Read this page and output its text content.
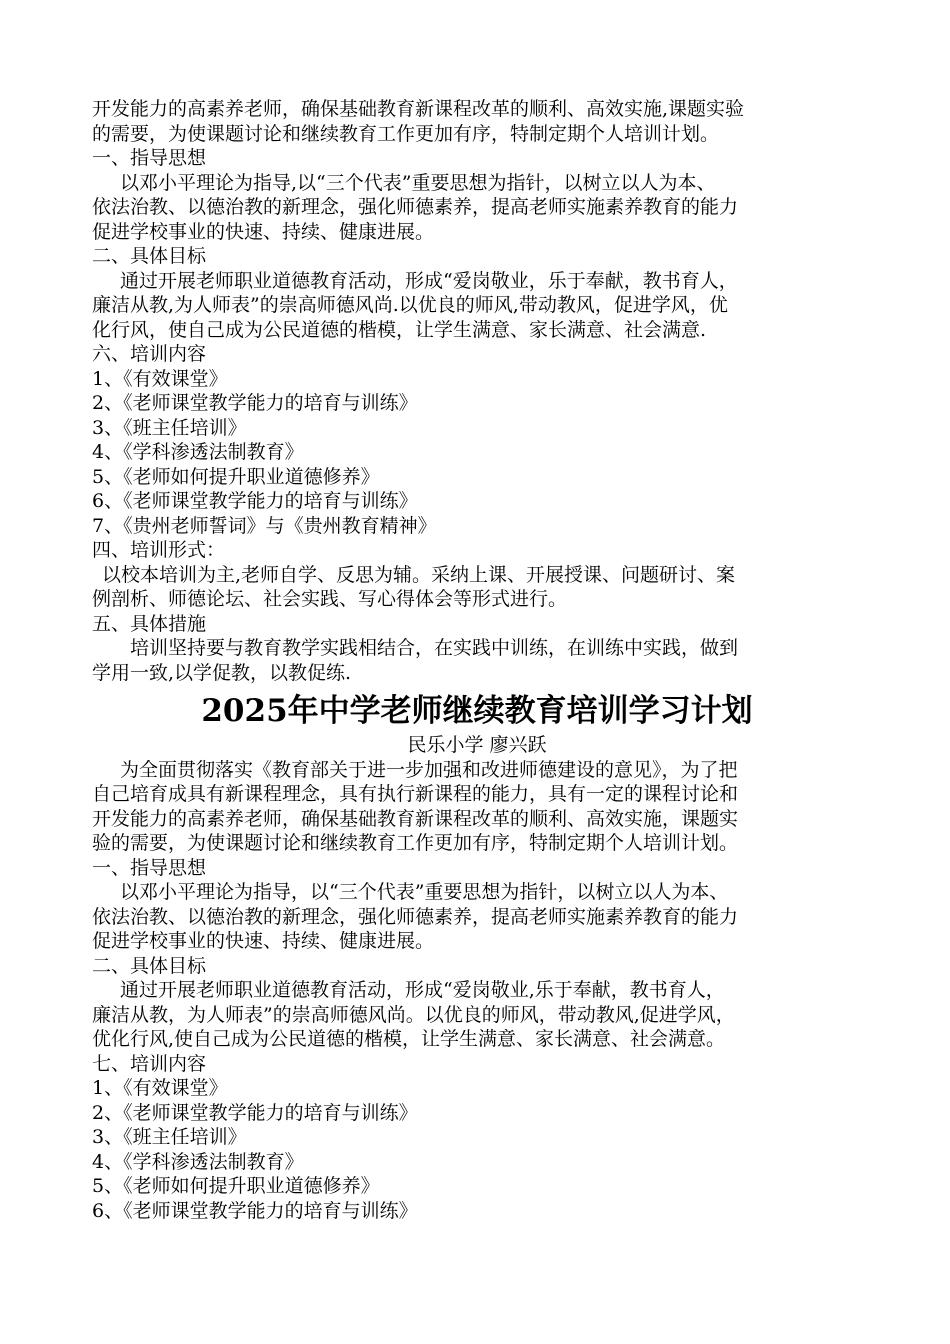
开发能力的高素养老师，确保基础教育新课程改革的顺利、高效实施,课题实验

的需要，为使课题讨论和继续教育工作更加有序，特制定期个人培训计划。

一、指导思想

以邓小平理论为指导,以“三个代表”重要思想为指针，以树立以人为本、

依法治教、以德治教的新理念，强化师德素养，提高老师实施素养教育的能力

促进学校事业的快速、持续、健康进展。

二、具体目标

通过开展老师职业道德教育活动，形成“爱岗敬业，乐于奉献，教书育人，

廉洁从教,为人师表”的崇高师德风尚.以优良的师风,带动教风，促进学风，优

化行风，使自己成为公民道德的楷模，让学生满意、家长满意、社会满意.

六、培训内容

1、《有效课堂》

2、《老师课堂教学能力的培育与训练》

3、《班主任培训》

4、《学科渗透法制教育》

5、《老师如何提升职业道德修养》

6、《老师课堂教学能力的培育与训练》

7、《贵州老师誓词》与《贵州教育精神》

四、培训形式：

以校本培训为主,老师自学、反思为辅。采纳上课、开展授课、问题研讨、案

例剖析、师德论坛、社会实践、写心得体会等形式进行。

五、具体措施

培训坚持要与教育教学实践相结合，在实践中训练，在训练中实践，做到

学用一致,以学促教，以教促练.

2025年中学老师继续教育培训学习计划

民乐小学 廖兴跃

为全面贯彻落实《教育部关于进一步加强和改进师德建设的意见》，为了把

自己培育成具有新课程理念，具有执行新课程的能力，具有一定的课程讨论和

开发能力的高素养老师，确保基础教育新课程改革的顺利、高效实施，课题实

验的需要，为使课题讨论和继续教育工作更加有序，特制定期个人培训计划。

一、指导思想

以邓小平理论为指导，以“三个代表”重要思想为指针，以树立以人为本、

依法治教、以德治教的新理念，强化师德素养，提高老师实施素养教育的能力

促进学校事业的快速、持续、健康进展。

二、具体目标

通过开展老师职业道德教育活动，形成“爱岗敬业,乐于奉献，教书育人，

廉洁从教，为人师表”的崇高师德风尚。以优良的师风，带动教风,促进学风，

优化行风,使自己成为公民道德的楷模，让学生满意、家长满意、社会满意。

七、培训内容

1、《有效课堂》

2、《老师课堂教学能力的培育与训练》

3、《班主任培训》

4、《学科渗透法制教育》

5、《老师如何提升职业道德修养》

6、《老师课堂教学能力的培育与训练》
